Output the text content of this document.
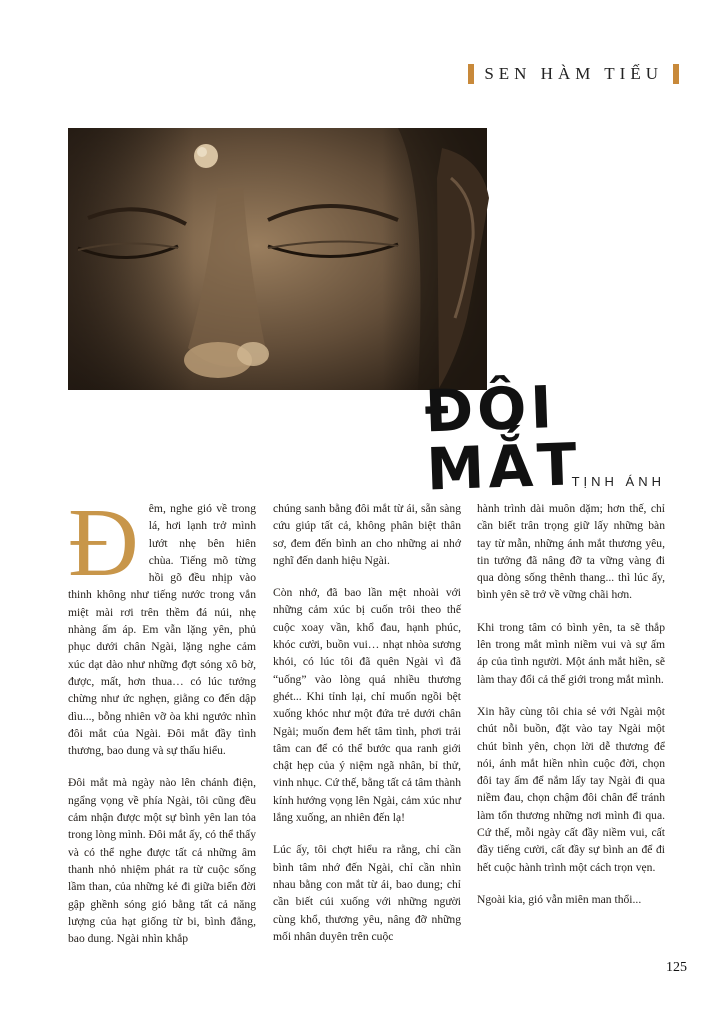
SEN HÀM TIẾU
ĐÔI MẮT
TỊNH ÁNH

Đêm, nghe gió về trong lá, hơi lạnh trở mình lướt nhẹ bên hiên chùa. Tiếng mõ từng hồi gõ đều nhịp vào thinh không như tiếng nước trong vắn miệt mài rơi trên thềm đá núi, nhẹ nhàng ấm áp. Em vẫn lặng yên, phủ phục dưới chân Ngài, lặng nghe cảm xúc dạt dào như những đợt sóng xô bờ, được, mất, hơn thua… có lúc tưởng chừng như ức nghẹn, giằng co đến dập dìu..., bỗng nhiên vỡ òa khi ngước nhìn đôi mắt của Ngài. Đôi mắt đầy tình thương, bao dung và sự thấu hiểu.

Đôi mắt mà ngày nào lên chánh điện, ngẩng vọng về phía Ngài, tôi cũng đều cảm nhận được một sự bình yên lan tỏa trong lòng mình. Đôi mắt ấy, có thể thấy và có thể nghe được tất cả những âm thanh nhỏ nhiệm phát ra từ cuộc sống lầm than, của những kẻ đi giữa biển đời gập ghềnh sóng gió bằng tất cả năng lượng của hạt giống từ bi, bình đẳng, bao dung. Ngài nhìn khắp

chúng sanh bằng đôi mắt từ ái, sẵn sàng cứu giúp tất cả, không phân biệt thân sơ, đem đến bình an cho những ai nhớ nghĩ đến danh hiệu Ngài.

Còn nhớ, đã bao lần mệt nhoài với những cảm xúc bị cuốn trôi theo thế cuộc xoay vần, khổ đau, hạnh phúc, khóc cười, buồn vui… nhạt nhòa sương khói, có lúc tôi đã quên Ngài vì đã “uống” vào lòng quá nhiều thương ghét... Khi tỉnh lại, chỉ muốn ngồi bệt xuống khóc như một đứa trẻ dưới chân Ngài; muốn đem hết tâm tình, phơi trải tâm can để có thể bước qua ranh giới chật hẹp của ý niệm ngã nhân, bỉ thử, vinh nhục. Cứ thế, bằng tất cả tâm thành kính hướng vọng lên Ngài, cảm xúc như lắng xuống, an nhiên đến lạ!

Lúc ấy, tôi chợt hiểu ra rằng, chỉ cần bình tâm nhớ đến Ngài, chỉ cần nhìn nhau bằng con mắt từ ái, bao dung; chỉ cần biết cúi xuống với những người cùng khổ, thương yêu, nâng đỡ những mối nhân duyên trên cuộc

hành trình dài muôn dặm; hơn thế, chỉ cần biết trân trọng giữ lấy những bàn tay từ mẫn, những ánh mắt thương yêu, tin tưởng đã nâng đỡ ta vững vàng đi qua dòng sống thênh thang... thì lúc ấy, bình yên sẽ trở về vững chãi hơn.

Khi trong tâm có bình yên, ta sẽ thắp lên trong mắt mình niềm vui và sự ấm áp của tình người. Một ánh mắt hiền, sẽ làm thay đổi cả thế giới trong mắt mình.

Xin hãy cùng tôi chia sẻ với Ngài một chút nỗi buồn, đặt vào tay Ngài một chút bình yên, chọn lời dễ thương để nói, ánh mắt hiền nhìn cuộc đời, chọn đôi tay ấm để nắm lấy tay Ngài đi qua niềm đau, chọn chậm đôi chân để tránh làm tổn thương những nơi mình đi qua. Cứ thế, mỗi ngày cất đầy niềm vui, cất đầy tiếng cười, cất đầy sự bình an để đi hết cuộc hành trình một cách trọn vẹn.

Ngoài kia, gió vẫn miên man thổi...

125
